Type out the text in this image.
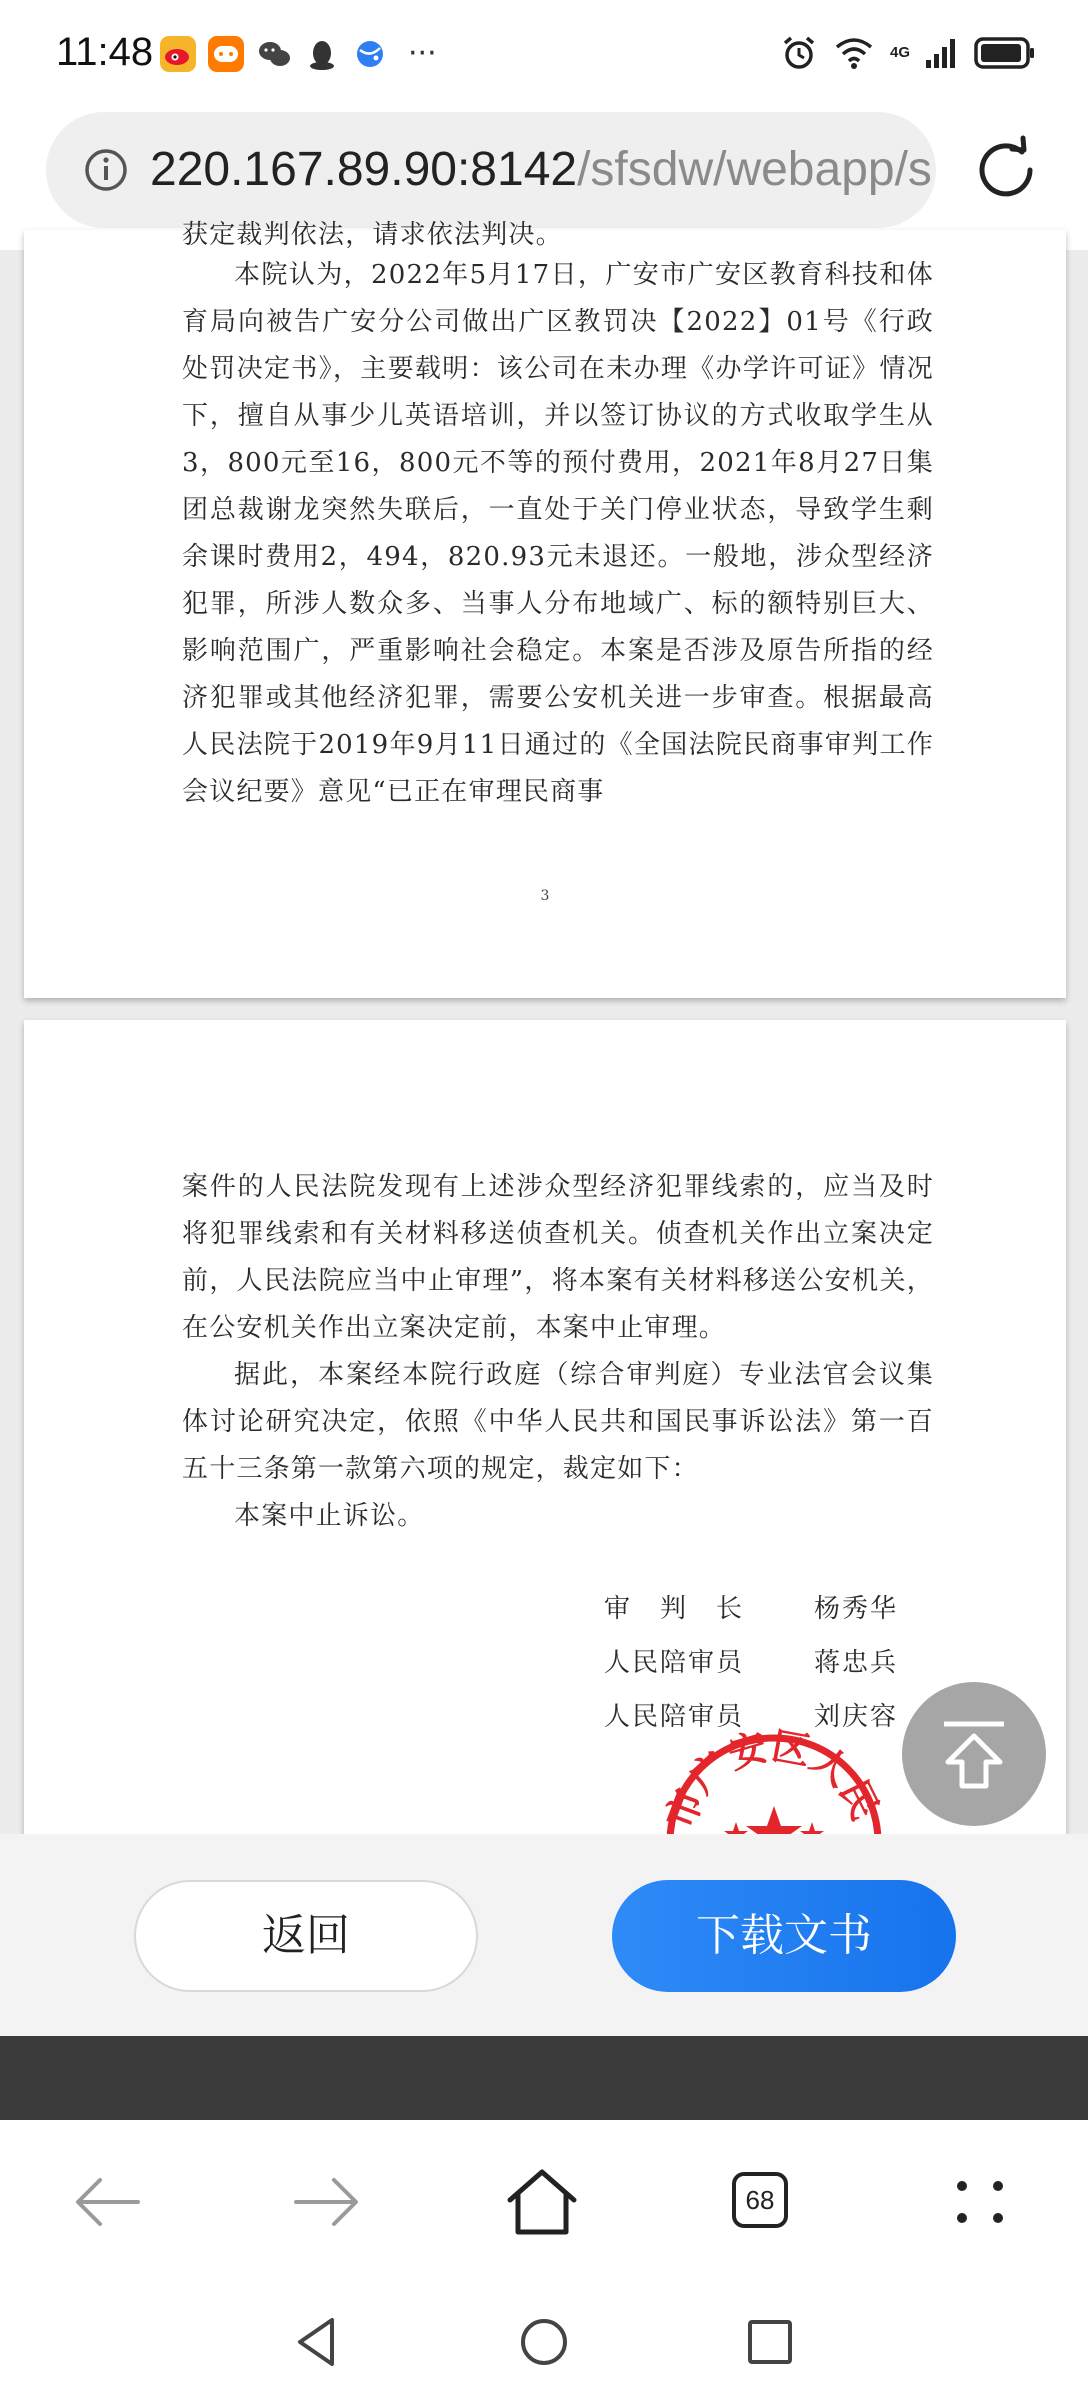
11:48	···	4G
220.167.89.90:8142/sfsdw/webapp/s

获定裁判依法，请求依法判决。

本院认为，2022年5月17日，广安市广安区教育科技和体育局向被告广安分公司做出广区教罚决【2022】01号《行政处罚决定书》，主要载明：该公司在未办理《办学许可证》情况下，擅自从事少儿英语培训，并以签订协议的方式收取学生从3，800元至16，800元不等的预付费用，2021年8月27日集团总裁谢龙突然失联后，一直处于关门停业状态，导致学生剩余课时费用2，494，820.93元未退还。一般地，涉众型经济犯罪，所涉人数众多、当事人分布地域广、标的额特别巨大、影响范围广，严重影响社会稳定。本案是否涉及原告所指的经济犯罪或其他经济犯罪，需要公安机关进一步审查。根据最高人民法院于2019年9月11日通过的《全国法院民商事审判工作会议纪要》意见“已正在审理民商事

3

案件的人民法院发现有上述涉众型经济犯罪线索的，应当及时将犯罪线索和有关材料移送侦查机关。侦查机关作出立案决定前，人民法院应当中止审理”，将本案有关材料移送公安机关，在公安机关作出立案决定前，本案中止审理。

据此，本案经本院行政庭（综合审判庭）专业法官会议集体讨论研究决定，依照《中华人民共和国民事诉讼法》第一百五十三条第一款第六项的规定，裁定如下：

本案中止诉讼。

审　判　长	杨秀华
人民陪审员	蒋忠兵
人民陪审员	刘庆容
市广安区人民
返回	下载文书
68
